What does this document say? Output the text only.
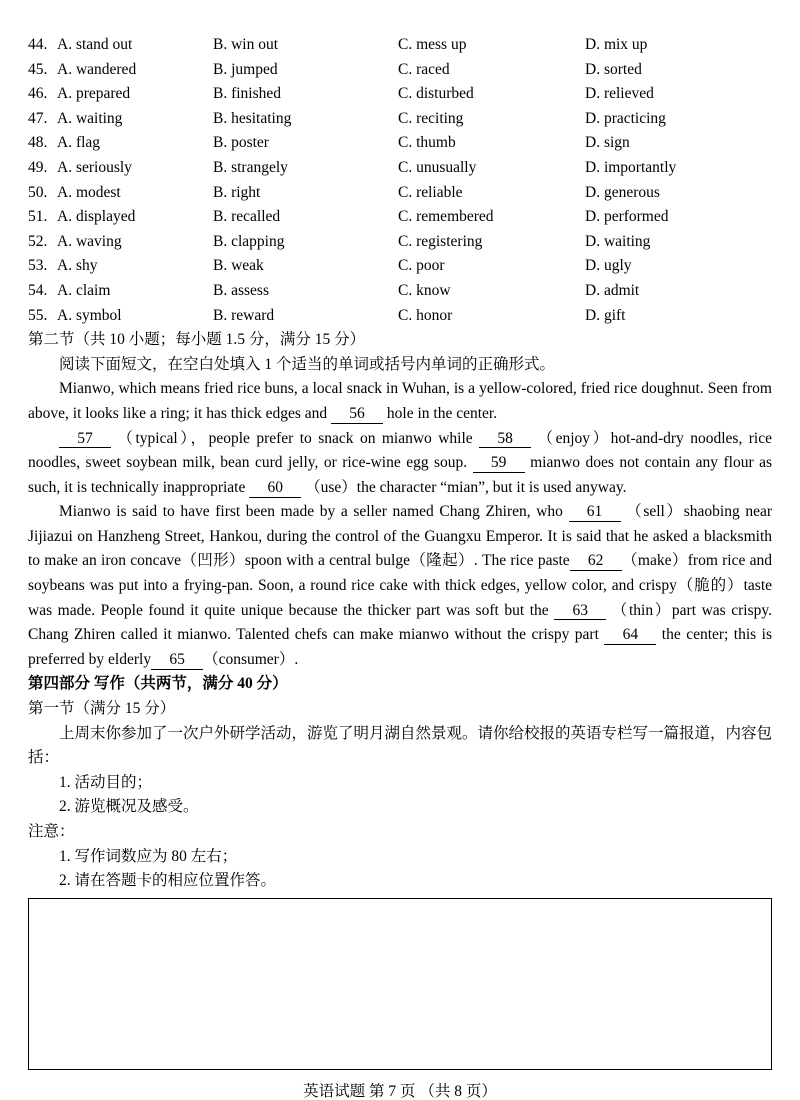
44. A. stand out	B. win out	C. mess up	D. mix up
45. A. wandered	B. jumped	C. raced	D. sorted
46. A. prepared	B. finished	C. disturbed	D. relieved
47. A. waiting	B. hesitating	C. reciting	D. practicing
48. A. flag	B. poster	C. thumb	D. sign
49. A. seriously	B. strangely	C. unusually	D. importantly
50. A. modest	B. right	C. reliable	D. generous
51. A. displayed	B. recalled	C. remembered	D. performed
52. A. waving	B. clapping	C. registering	D. waiting
53. A. shy	B. weak	C. poor	D. ugly
54. A. claim	B. assess	C. know	D. admit
55. A. symbol	B. reward	C. honor	D. gift
第二节（共 10 小题；每小题 1.5 分，满分 15 分）
阅读下面短文，在空白处填入 1 个适当的单词或括号内单词的正确形式。

Mianwo, which means fried rice buns, a local snack in Wuhan, is a yellow-colored, fried rice doughnut. Seen from above, it looks like a ring; it has thick edges and 56 hole in the center.

57 （typical），people prefer to snack on mianwo while 58 （enjoy）hot-and-dry noodles, rice noodles, sweet soybean milk, bean curd jelly, or rice-wine egg soup. 59 mianwo does not contain any flour as such, it is technically inappropriate 60 （use）the character “mian”, but it is used anyway.

Mianwo is said to have first been made by a seller named Chang Zhiren, who 61 （sell）shaobing near Jijiazui on Hanzheng Street, Hankou, during the control of the Guangxu Emperor. It is said that he asked a blacksmith to make an iron concave（凹形）spoon with a central bulge（隆起）. The rice paste 62 （make）from rice and soybeans was put into a frying-pan. Soon, a round rice cake with thick edges, yellow color, and crispy（脆的）taste was made. People found it quite unique because the thicker part was soft but the 63 （thin）part was crispy. Chang Zhiren called it mianwo. Talented chefs can make mianwo without the crispy part 64 the center; this is preferred by elderly 65 （consumer）.

第四部分 写作（共两节，满分 40 分）
第一节（满分 15 分）
上周末你参加了一次户外研学活动，游览了明月湖自然景观。请你给校报的英语专栏写一篇报道，内容包括：
1. 活动目的；
2. 游览概况及感受。
注意：
1. 写作词数应为 80 左右；
2. 请在答题卡的相应位置作答。
英语试题 第 7 页 （共 8 页）
